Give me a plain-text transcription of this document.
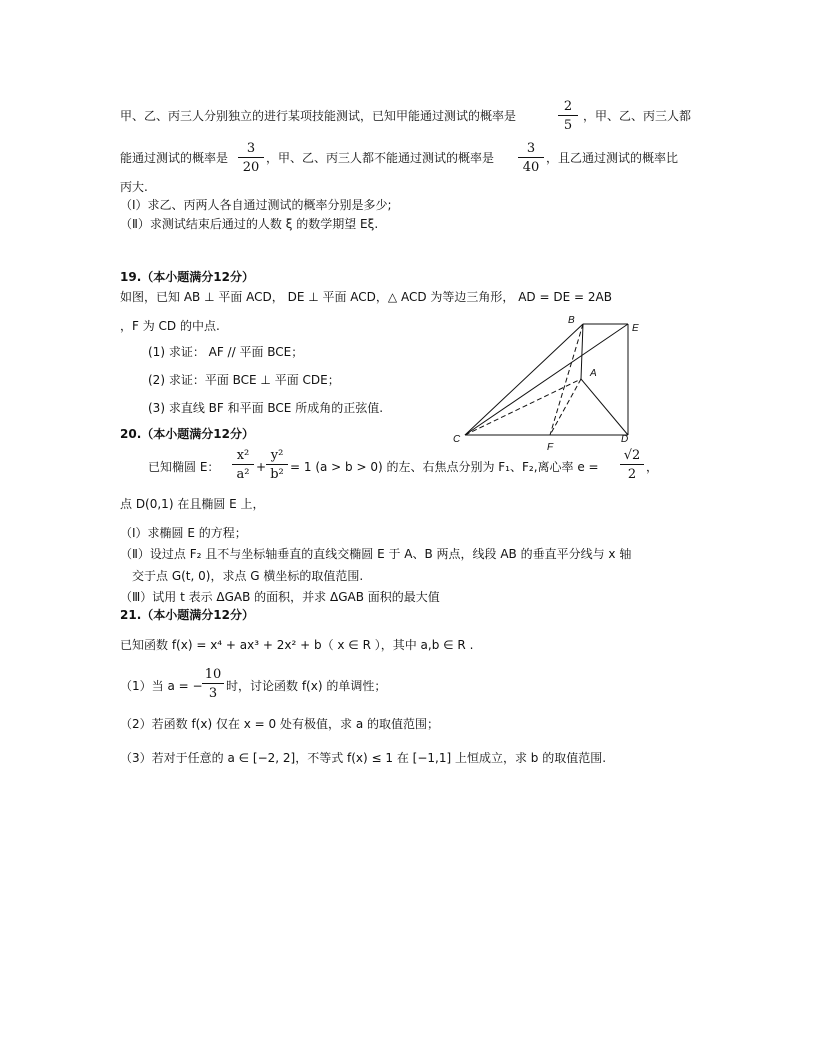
甲、乙、丙三人分别独立的进行某项技能测试，已知甲能通过测试的概率是	$\frac{2}{5}$ ，甲、乙、丙三人都
能通过测试的概率是 $\frac{3}{20}$ ，甲、乙、丙三人都不能通过测试的概率是 $\frac{3}{40}$ ，且乙通过测试的概率比
丙大.
（Ⅰ）求乙、丙两人各自通过测试的概率分别是多少;
（Ⅱ）求测试结束后通过的人数 ξ 的数学期望 Eξ.
19.（本小题满分12分）
如图，已知 AB ⊥ 平面 ACD， DE ⊥ 平面 ACD，△ ACD 为等边三角形， AD = DE = 2AB
，F 为 CD 的中点.
(1) 求证： AF // 平面 BCE；
(2) 求证：平面 BCE ⊥ 平面 CDE；
(3) 求直线 BF 和平面 BCE 所成角的正弦值.
B
E
A
C
F
D
20.（本小题满分12分）
已知椭圆 E： $\frac{\text{x²}}{\text{a²}} + \frac{\text{y²}}{\text{b²}} = 1$ (a > b > 0) 的左、右焦点分别为 F₁、F₂,离心率 $e = \frac{√2}{2}$ ，
点 D(0,1) 在且椭圆 E 上，
（Ⅰ）求椭圆 E 的方程；
（Ⅱ）设过点 F₂ 且不与坐标轴垂直的直线交椭圆 E 于 A、B 两点，线段 AB 的垂直平分线与 x 轴
交于点 G(t, 0)，求点 G 横坐标的取值范围.
（Ⅲ）试用 t 表示 ΔGAB 的面积，并求 ΔGAB 面积的最大值
21.（本小题满分12分）
已知函数 f(x) = x⁴ + ax³ + 2x² + b（ x ∈ R ），其中 a,b ∈ R .
（1）当 a = − $\frac{10}{3}$ 时，讨论函数 f(x) 的单调性；
（2）若函数 f(x) 仅在 x = 0 处有极值，求 a 的取值范围；
（3）若对于任意的 a ∈ [−2, 2]，不等式 f(x) ≤ 1 在 [−1,1] 上恒成立，求 b 的取值范围.
